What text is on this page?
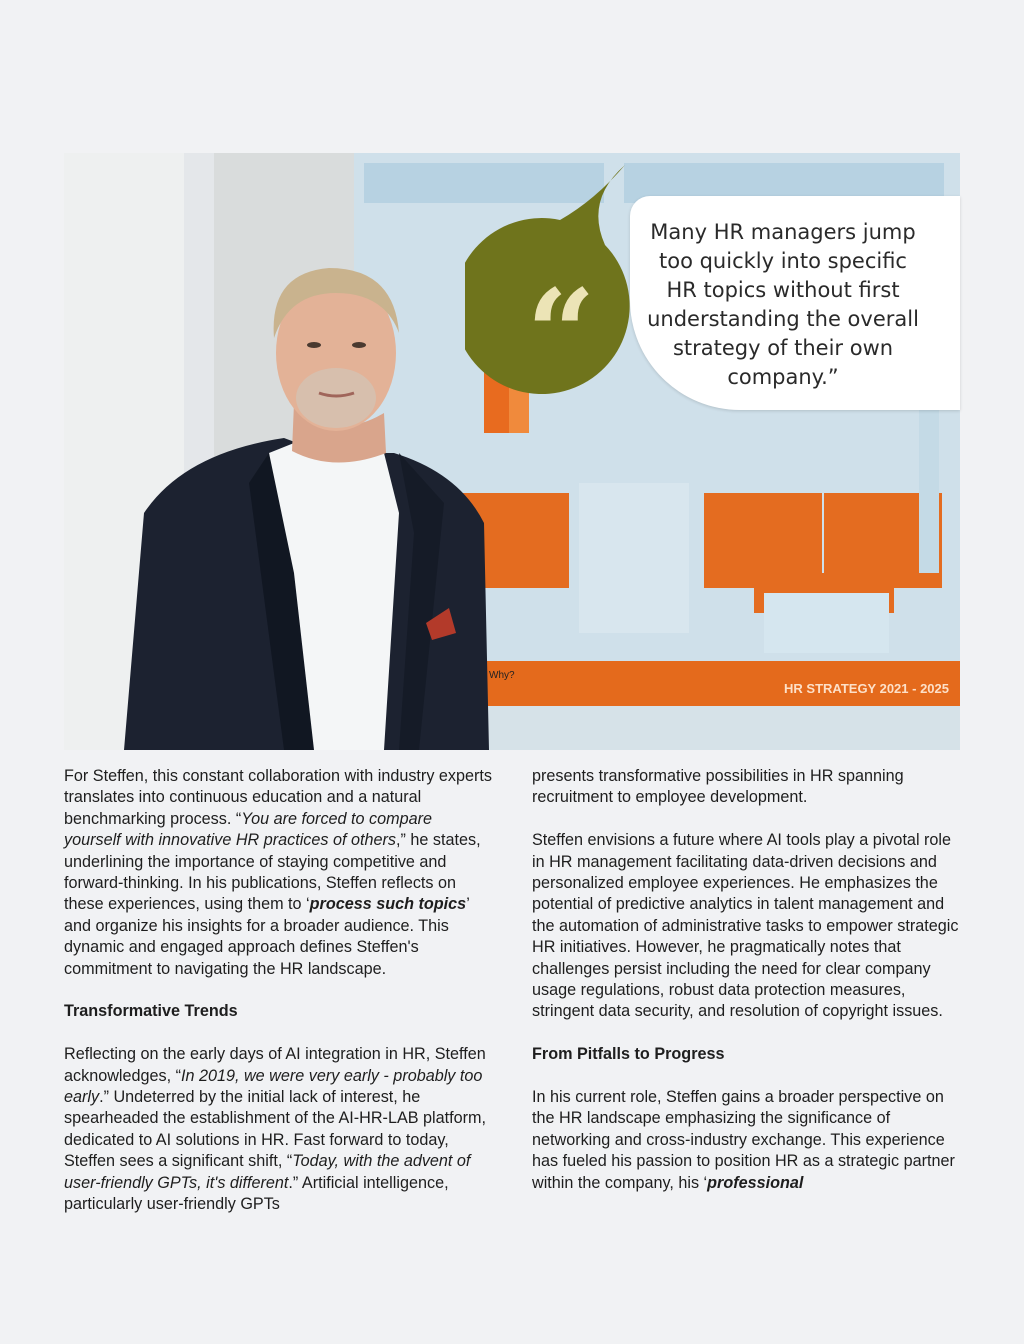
Why?
HR STRATEGY 2021 - 2025
“
Many HR managers jump too quickly into specific HR topics without first understanding the overall strategy of their own company.”

For Steffen, this constant collaboration with industry experts translates into continuous education and a natural benchmarking process. “You are forced to compare yourself with innovative HR practices of others,” he states, underlining the importance of staying competitive and forward-thinking. In his publications, Steffen reflects on these experiences, using them to ‘process such topics’ and organize his insights for a broader audience. This dynamic and engaged approach defines Steffen's commitment to navigating the HR landscape.

Transformative Trends

Reflecting on the early days of AI integration in HR, Steffen acknowledges, “In 2019, we were very early - probably too early.” Undeterred by the initial lack of interest, he spearheaded the establishment of the AI-HR-LAB platform, dedicated to AI solutions in HR. Fast forward to today, Steffen sees a significant shift, “Today, with the advent of user-friendly GPTs, it's different.” Artificial intelligence, particularly user-friendly GPTs

presents transformative possibilities in HR spanning recruitment to employee development.

Steffen envisions a future where AI tools play a pivotal role in HR management facilitating data-driven decisions and personalized employee experiences. He emphasizes the potential of predictive analytics in talent management and the automation of administrative tasks to empower strategic HR initiatives. However, he pragmatically notes that challenges persist including the need for clear company usage regulations, robust data protection measures, stringent data security, and resolution of copyright issues.

From Pitfalls to Progress

In his current role, Steffen gains a broader perspective on the HR landscape emphasizing the significance of networking and cross-industry exchange. This experience has fueled his passion to position HR as a strategic partner within the company, his ‘professional
